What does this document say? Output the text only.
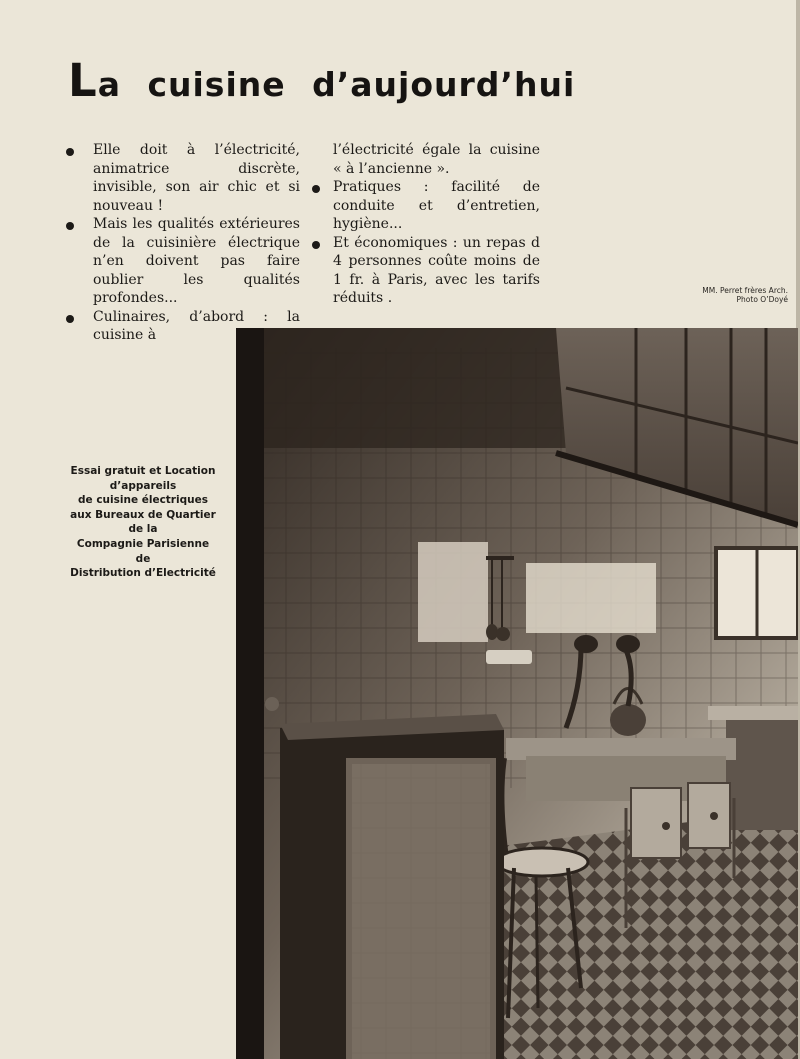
La cuisine d’aujourd’hui
Elle doit à l’électricité, animatrice discrète, invisible, son air chic et si nouveau !
Mais les qualités extérieures de la cuisinière électrique n’en doivent pas faire oublier les qualités profondes...
Culinaires, d’abord : la cuisine à
l’électricité égale la cuisine « à l’ancienne ».
Pratiques : facilité de conduite et d’entretien, hygiène...
Et économiques : un repas d 4 personnes coûte moins de 1 fr. à Paris, avec les tarifs réduits .	MM. Perret frères Arch.
Photo O’Doyé
Essai gratuit et Location
d’appareils
de cuisine électriques
aux Bureaux de Quartier
de la
Compagnie Parisienne
de
Distribution d’Electricité
